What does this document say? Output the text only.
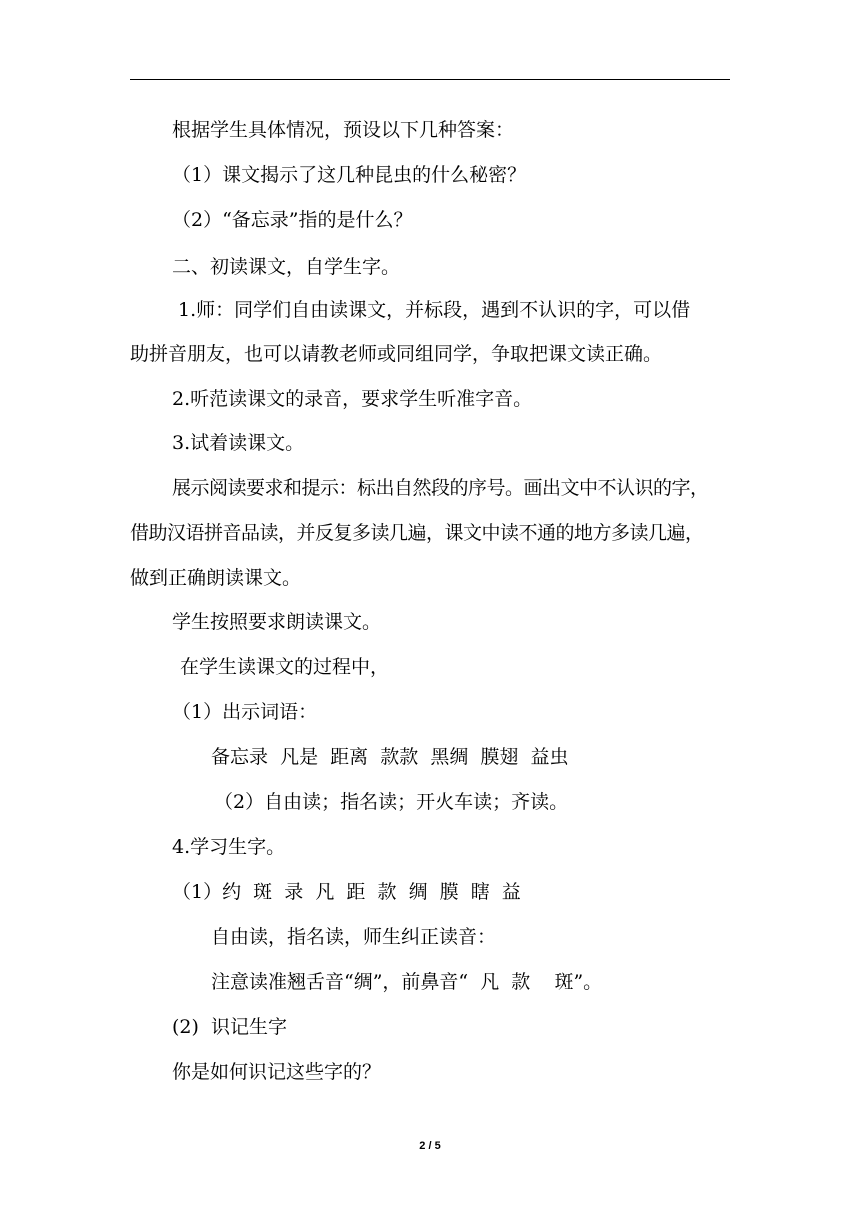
根据学生具体情况，预设以下几种答案：
（1）课文揭示了这几种昆虫的什么秘密？
（2）“备忘录”指的是什么？
二、初读课文，自学生字。
1.师：同学们自由读课文，并标段，遇到不认识的字，可以借
助拼音朋友，也可以请教老师或同组同学，争取把课文读正确。
2.听范读课文的录音，要求学生听准字音。
3.试着读课文。
展示阅读要求和提示：标出自然段的序号。画出文中不认识的字，
借助汉语拼音品读，并反复多读几遍，课文中读不通的地方多读几遍，
做到正确朗读课文。
学生按照要求朗读课文。
在学生读课文的过程中，
（1）出示词语：
备忘录  凡是  距离  款款  黑绸  膜翅  益虫
（2）自由读；指名读；开火车读；齐读。
4.学习生字。
（1）约  斑  录  凡  距  款  绸  膜  瞎  益
自由读，指名读，师生纠正读音：
注意读准翘舌音“绸”，前鼻音“  凡  款    斑”。
(2)  识记生字
你是如何识记这些字的？
2 / 5
